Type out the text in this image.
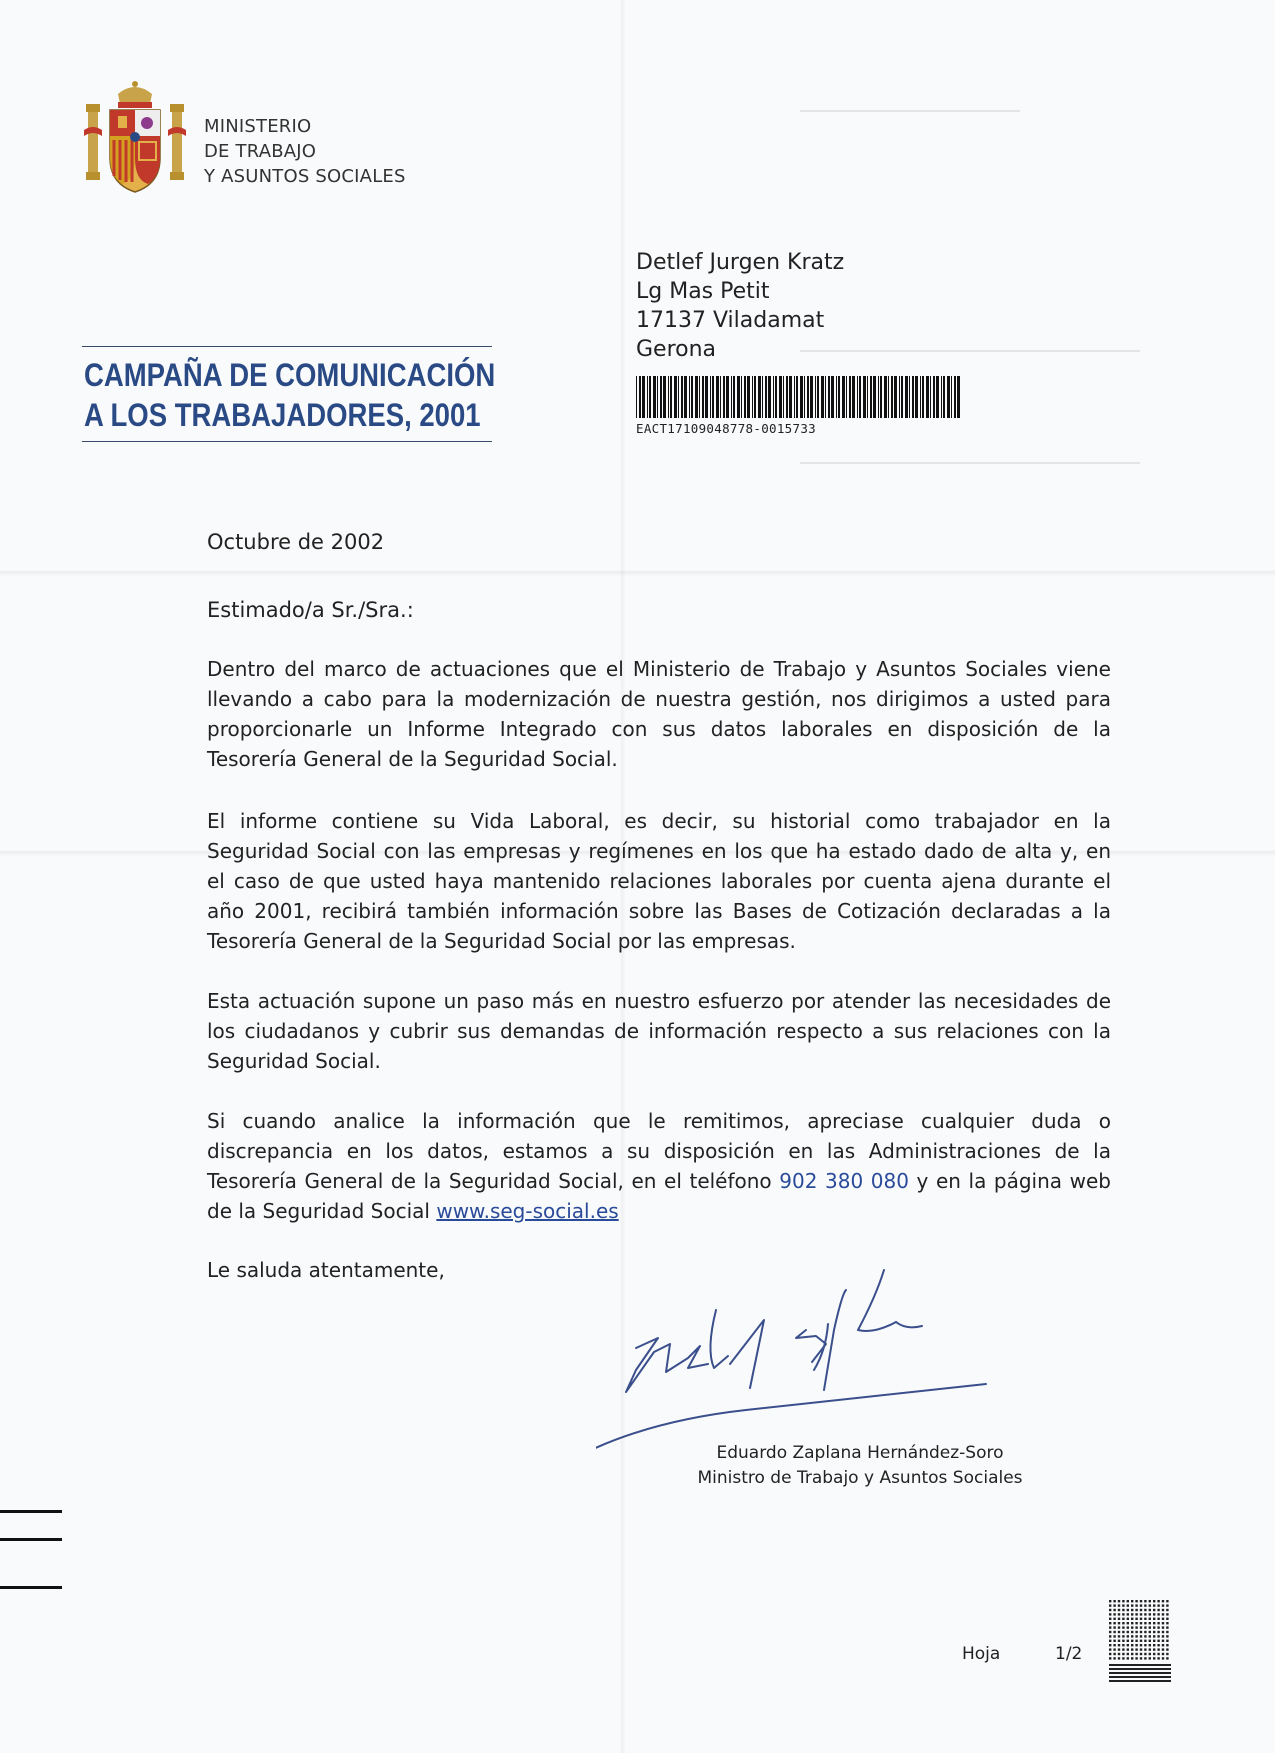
MINISTERIO
DE TRABAJO
Y ASUNTOS SOCIALES
CAMPAÑA DE COMUNICACIÓN
A LOS TRABAJADORES, 2001
Detlef Jurgen Kratz
Lg Mas Petit
17137 Viladamat
Gerona
EACT17109048778-0015733
Octubre de 2002
Estimado/a Sr./Sra.:

Dentro del marco de actuaciones que el Ministerio de Trabajo y Asuntos Sociales viene llevando a cabo para la modernización de nuestra gestión, nos dirigimos a usted para proporcionarle un Informe Integrado con sus datos laborales en disposición de la Tesorería General de la Seguridad Social.

El informe contiene su Vida Laboral, es decir, su historial como trabajador en la Seguridad Social con las empresas y regímenes en los que ha estado dado de alta y, en el caso de que usted haya mantenido relaciones laborales por cuenta ajena durante el año 2001, recibirá también información sobre las Bases de Cotización declaradas a la Tesorería General de la Seguridad Social por las empresas.

Esta actuación supone un paso más en nuestro esfuerzo por atender las necesidades de los ciudadanos y cubrir sus demandas de información respecto a sus relaciones con la Seguridad Social.

Si cuando analice la información que le remitimos, apreciase cualquier duda o discrepancia en los datos, estamos a su disposición en las Administraciones de la Tesorería General de la Seguridad Social, en el teléfono 902 380 080 y en la página web de la Seguridad Social www.seg-social.es

Le saluda atentamente,
Eduardo Zaplana Hernández-Soro
Ministro de Trabajo y Asuntos Sociales
Hoja	1/2
